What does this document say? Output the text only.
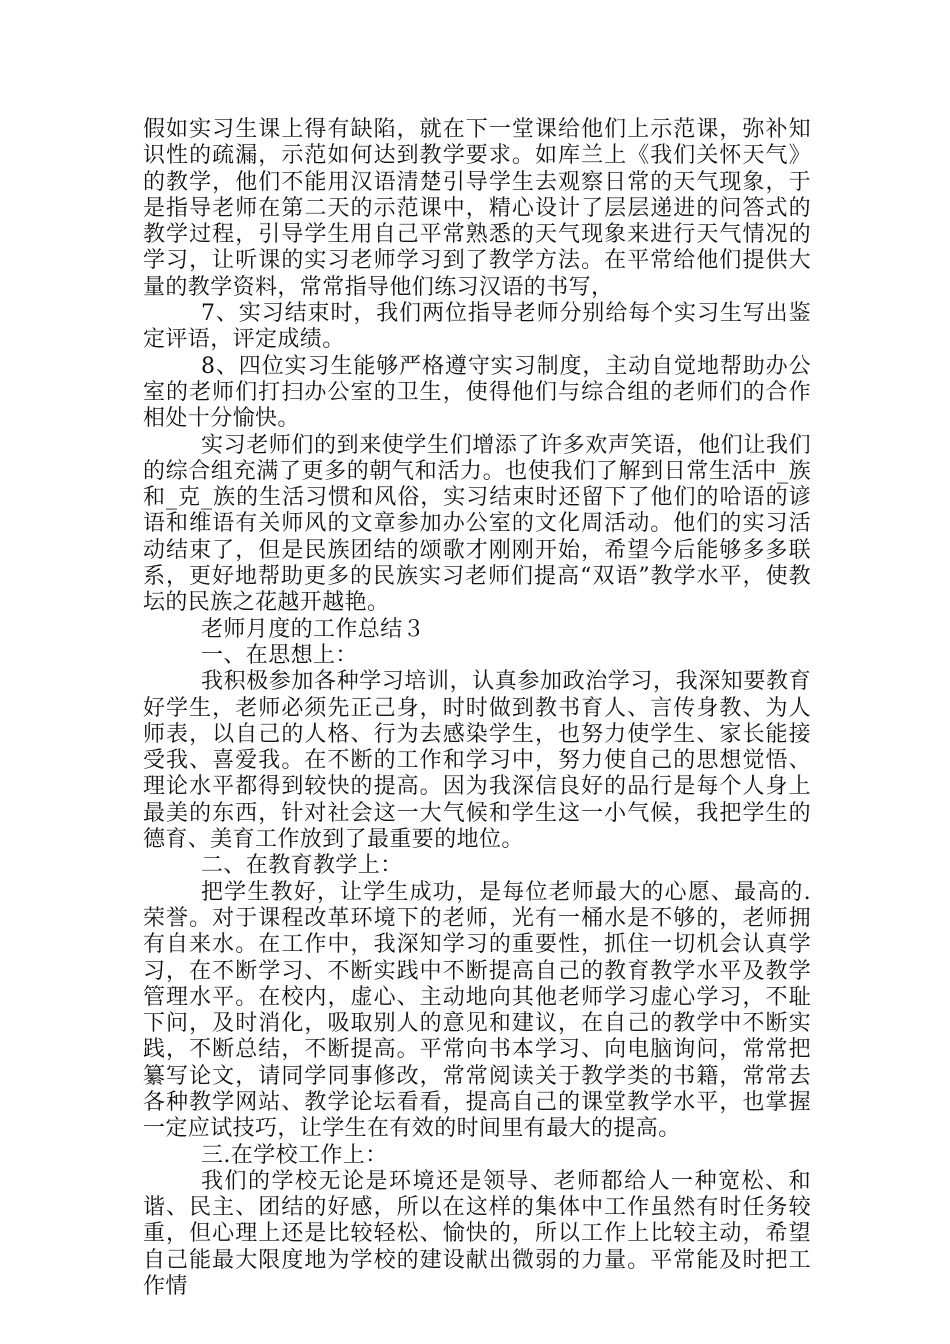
假如实习生课上得有缺陷，就在下一堂课给他们上示范课，弥补知识性的疏漏，示范如何达到教学要求。如库兰上《我们关怀天气》的教学，他们不能用汉语清楚引导学生去观察日常的天气现象，于是指导老师在第二天的示范课中，精心设计了层层递进的问答式的教学过程，引导学生用自己平常熟悉的天气现象来进行天气情况的学习，让听课的实习老师学习到了教学方法。在平常给他们提供大量的教学资料，常常指导他们练习汉语的书写，

7、实习结束时，我们两位指导老师分别给每个实习生写出鉴定评语，评定成绩。

8、四位实习生能够严格遵守实习制度，主动自觉地帮助办公室的老师们打扫办公室的卫生，使得他们与综合组的老师们的合作相处十分愉快。

实习老师们的到来使学生们增添了许多欢声笑语，他们让我们的综合组充满了更多的朝气和活力。也使我们了解到日常生活中_族和_克_族的生活习惯和风俗，实习结束时还留下了他们的哈语的谚语和维语有关师风的文章参加办公室的文化周活动。他们的实习活动结束了，但是民族团结的颂歌才刚刚开始，希望今后能够多多联系，更好地帮助更多的民族实习老师们提高“双语”教学水平，使教坛的民族之花越开越艳。

老师月度的工作总结３

一、在思想上：

我积极参加各种学习培训，认真参加政治学习，我深知要教育好学生，老师必须先正己身，时时做到教书育人、言传身教、为人师表，以自己的人格、行为去感染学生，也努力使学生、家长能接受我、喜爱我。在不断的工作和学习中，努力使自己的思想觉悟、理论水平都得到较快的提高。因为我深信良好的品行是每个人身上最美的东西，针对社会这一大气候和学生这一小气候，我把学生的德育、美育工作放到了最重要的地位。

二、在教育教学上：

把学生教好，让学生成功，是每位老师最大的心愿、最高的.荣誉。对于课程改革环境下的老师，光有一桶水是不够的，老师拥有自来水。在工作中，我深知学习的重要性，抓住一切机会认真学习，在不断学习、不断实践中不断提高自己的教育教学水平及教学管理水平。在校内，虚心、主动地向其他老师学习虚心学习，不耻下问，及时消化，吸取别人的意见和建议，在自己的教学中不断实践，不断总结，不断提高。平常向书本学习、向电脑询问，常常把纂写论文，请同学同事修改，常常阅读关于教学类的书籍，常常去各种教学网站、教学论坛看看，提高自己的课堂教学水平，也掌握一定应试技巧，让学生在有效的时间里有最大的提高。

三.在学校工作上：

我们的学校无论是环境还是领导、老师都给人一种宽松、和谐、民主、团结的好感，所以在这样的集体中工作虽然有时任务较重，但心理上还是比较轻松、愉快的，所以工作上比较主动，希望自己能最大限度地为学校的建设献出微弱的力量。平常能及时把工作情
